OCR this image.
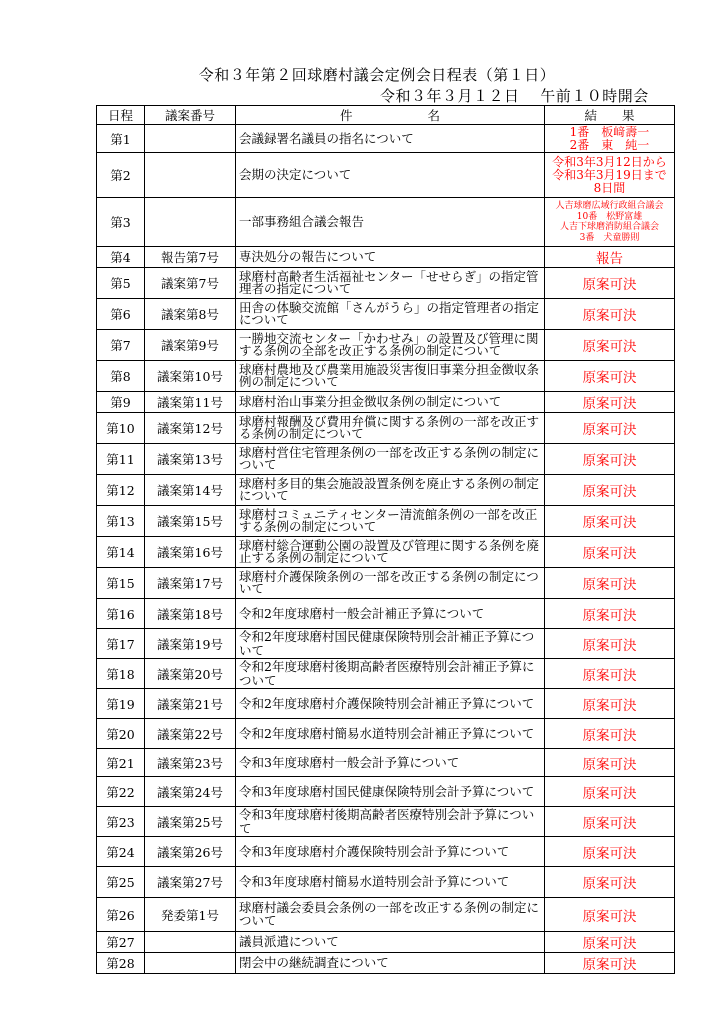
令和３年第２回球磨村議会定例会日程表（第１日）
令和３年３月１２日　 午前１０時開会
日程	議案番号	件　　　　　　名	結　　果
第1		会議録署名議員の指名について	1番　板﨑壽一
2番　東　純一

第2		会期の決定について	令和3年3月12日から
令和3年3月19日まで
8日間

第3		一部事務組合議会報告	人吉球磨広域行政組合議会
10番　松野富雄
人吉下球磨消防組合議会
3番　犬童勝則

第4	報告第7号	専決処分の報告について	報告

第5	議案第7号	球磨村高齢者生活福祉センター「せせらぎ」の指定管理者の指定について	原案可決

第6	議案第8号	田舎の体験交流館「さんがうら」の指定管理者の指定について	原案可決

第7	議案第9号	一勝地交流センター「かわせみ」の設置及び管理に関する条例の全部を改正する条例の制定について	原案可決

第8	議案第10号	球磨村農地及び農業用施設災害復旧事業分担金徴収条例の制定について	原案可決

第9	議案第11号	球磨村治山事業分担金徴収条例の制定について	原案可決

第10	議案第12号	球磨村報酬及び費用弁償に関する条例の一部を改正する条例の制定について	原案可決

第11	議案第13号	球磨村営住宅管理条例の一部を改正する条例の制定について	原案可決

第12	議案第14号	球磨村多目的集会施設設置条例を廃止する条例の制定について	原案可決

第13	議案第15号	球磨村コミュニティセンター清流館条例の一部を改正する条例の制定について	原案可決

第14	議案第16号	球磨村総合運動公園の設置及び管理に関する条例を廃止する条例の制定について	原案可決

第15	議案第17号	球磨村介護保険条例の一部を改正する条例の制定について	原案可決

第16	議案第18号	令和2年度球磨村一般会計補正予算について	原案可決

第17	議案第19号	令和2年度球磨村国民健康保険特別会計補正予算について	原案可決

第18	議案第20号	令和2年度球磨村後期高齢者医療特別会計補正予算について	原案可決

第19	議案第21号	令和2年度球磨村介護保険特別会計補正予算について	原案可決

第20	議案第22号	令和2年度球磨村簡易水道特別会計補正予算について	原案可決

第21	議案第23号	令和3年度球磨村一般会計予算について	原案可決

第22	議案第24号	令和3年度球磨村国民健康保険特別会計予算について	原案可決

第23	議案第25号	令和3年度球磨村後期高齢者医療特別会計予算について	原案可決

第24	議案第26号	令和3年度球磨村介護保険特別会計予算について	原案可決

第25	議案第27号	令和3年度球磨村簡易水道特別会計予算について	原案可決

第26	発委第1号	球磨村議会委員会条例の一部を改正する条例の制定について	原案可決

第27		議員派遣について	原案可決

第28		閉会中の継続調査について	原案可決
